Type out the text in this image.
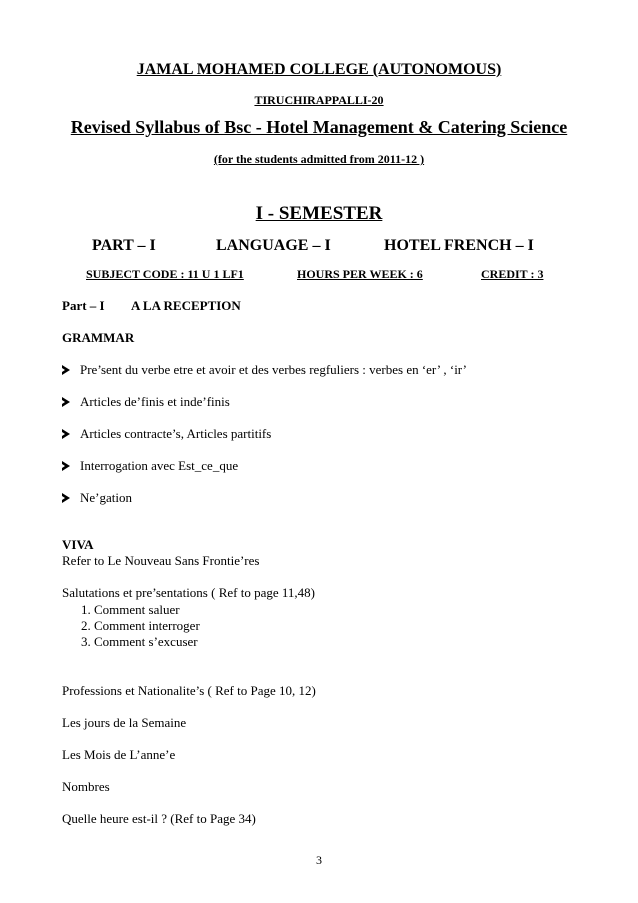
JAMAL MOHAMED COLLEGE (AUTONOMOUS)
TIRUCHIRAPPALLI-20
Revised Syllabus of Bsc - Hotel Management & Catering Science
(for the students admitted from 2011-12 )
I - SEMESTER
PART – I	LANGUAGE – I	HOTEL FRENCH – I
SUBJECT CODE : 11 U 1 LF1	HOURS PER WEEK : 6	CREDIT : 3
Part – I A LA RECEPTION
GRAMMAR
Pre’sent du verbe etre et avoir et des verbes regfuliers : verbes en ‘er’ , ‘ir’
Articles de’finis et inde’finis
Articles contracte’s, Articles partitifs
Interrogation avec Est_ce_que
Ne’gation
VIVA
Refer to Le Nouveau Sans Frontie’res
Salutations et pre’sentations ( Ref to page 11,48)
1. Comment saluer
2. Comment interroger
3. Comment s’excuser
Professions et Nationalite’s ( Ref to Page 10, 12)
Les jours de la Semaine
Les Mois de L’anne’e
Nombres
Quelle heure est-il ? (Ref to Page 34)
3
